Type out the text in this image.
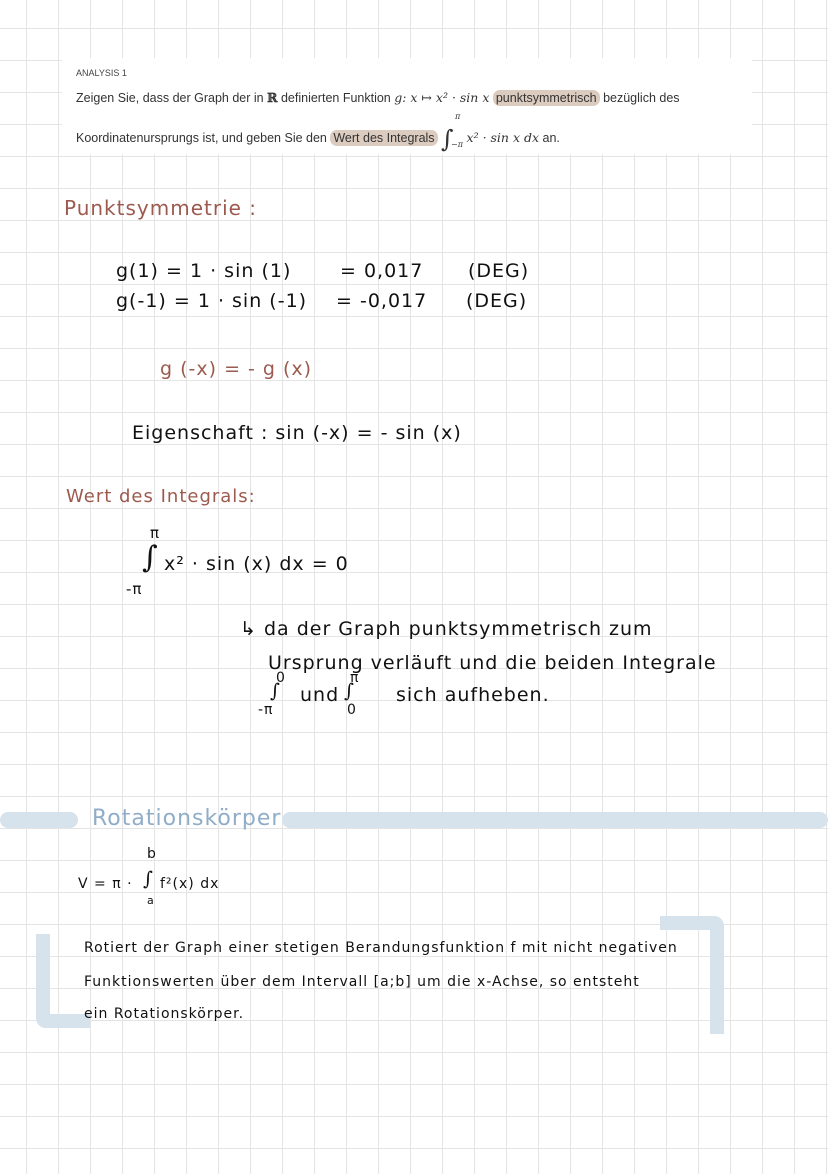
ANALYSIS 1
Zeigen Sie, dass der Graph der in ℝ definierten Funktion g: x ↦ x² · sin x punktsymmetrisch bezüglich des
Koordinatenursprungs ist, und geben Sie den Wert des Integrals ∫
π
−π x² · sin x dx an.
Punktsymmetrie :
g(1) = 1 · sin (1)	= 0,017 (DEG)
g(-1) = 1 · sin (-1) = -0,017 (DEG)
g (-x) = - g (x)
Eigenschaft : sin (-x) = - sin (x)
Wert des Integrals:
π
∫
-π
x² · sin (x) dx = 0
↳ da der Graph punktsymmetrisch zum
Ursprung verläuft und die beiden Integrale
0
∫
-π
und
π
∫
0
sich aufheben.
Rotationskörper
V = π ·
b
∫
a
f²(x) dx
Rotiert der Graph einer stetigen Berandungsfunktion f mit nicht negativen
Funktionswerten über dem Intervall [a;b] um die x-Achse, so entsteht
ein Rotationskörper.
